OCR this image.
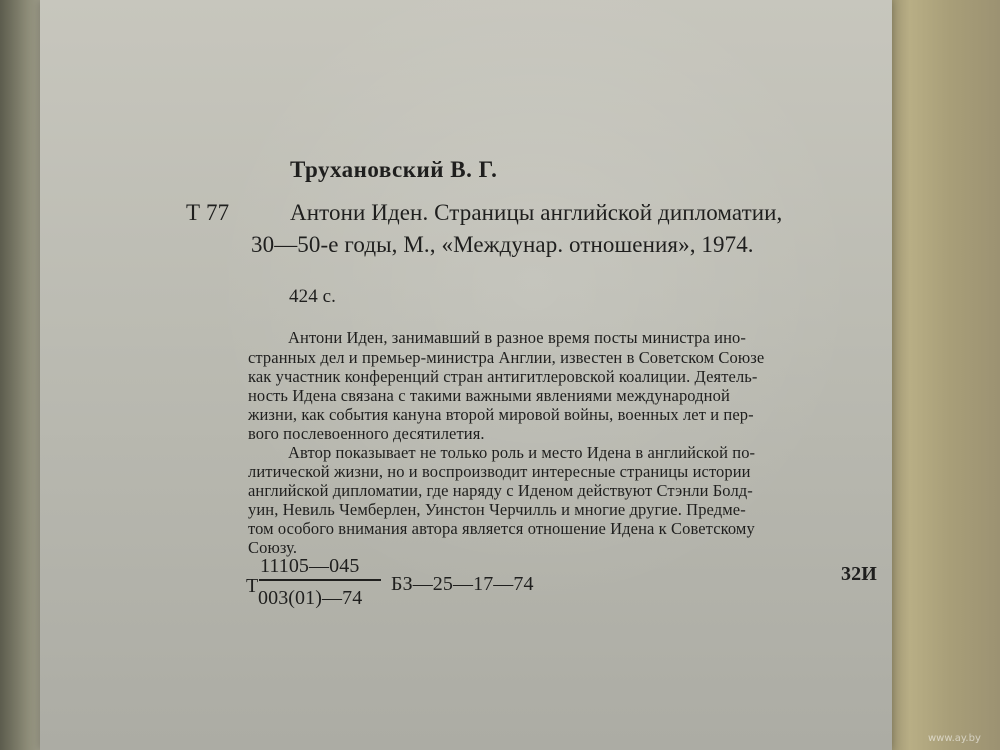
Трухановский В. Г.
Т 77	Антони Иден. Страницы английской дипломатии,
30—50-е годы, М., «Междунар. отношения», 1974.
424 с.
Антони Иден, занимавший в разное время посты министра ино-
странных дел и премьер-министра Англии, известен в Советском Союзе
как участник конференций стран антигитлеровской коалиции. Деятель-
ность Идена связана с такими важными явлениями международной
жизни, как события кануна второй мировой войны, военных лет и пер-
вого послевоенного десятилетия.
Автор показывает не только роль и место Идена в английской по-
литической жизни, но и воспроизводит интересные страницы истории
английской дипломатии, где наряду с Иденом действуют Стэнли Болд-
уин, Невиль Чемберлен, Уинстон Черчилль и многие другие. Предме-
том особого внимания автора является отношение Идена к Советскому
Союзу.
Т
11105—045
003(01)—74
БЗ—25—17—74	32И
www.ay.by
